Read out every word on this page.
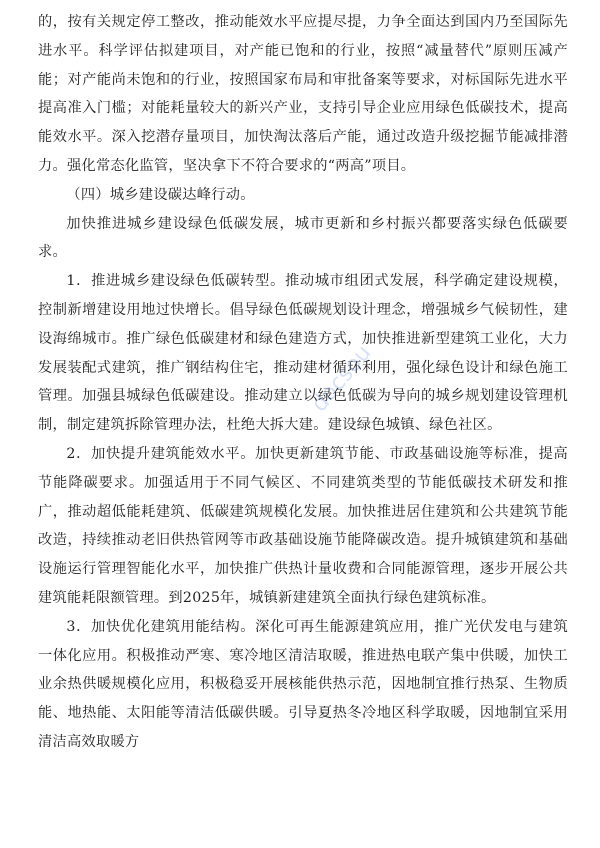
的，按有关规定停工整改，推动能效水平应提尽提，力争全面达到国内乃至国际先进水平。科学评估拟建项目，对产能已饱和的行业，按照“减量替代”原则压减产能；对产能尚未饱和的行业，按照国家布局和审批备案等要求，对标国际先进水平提高准入门槛；对能耗量较大的新兴产业，支持引导企业应用绿色低碳技术，提高能效水平。深入挖潜存量项目，加快淘汰落后产能，通过改造升级挖掘节能减排潜力。强化常态化监管，坚决拿下不符合要求的“两高”项目。

（四）城乡建设碳达峰行动。

加快推进城乡建设绿色低碳发展，城市更新和乡村振兴都要落实绿色低碳要求。

1．推进城乡建设绿色低碳转型。推动城市组团式发展，科学确定建设规模，控制新增建设用地过快增长。倡导绿色低碳规划设计理念，增强城乡气候韧性，建设海绵城市。推广绿色低碳建材和绿色建造方式，加快推进新型建筑工业化，大力发展装配式建筑，推广钢结构住宅，推动建材循环利用，强化绿色设计和绿色施工管理。加强县城绿色低碳建设。推动建立以绿色低碳为导向的城乡规划建设管理机制，制定建筑拆除管理办法，杜绝大拆大建。建设绿色城镇、绿色社区。

2．加快提升建筑能效水平。加快更新建筑节能、市政基础设施等标准，提高节能降碳要求。加强适用于不同气候区、不同建筑类型的节能低碳技术研发和推广，推动超低能耗建筑、低碳建筑规模化发展。加快推进居住建筑和公共建筑节能改造，持续推动老旧供热管网等市政基础设施节能降碳改造。提升城镇建筑和基础设施运行管理智能化水平，加快推广供热计量收费和合同能源管理，逐步开展公共建筑能耗限额管理。到2025年，城镇新建建筑全面执行绿色建筑标准。

3．加快优化建筑用能结构。深化可再生能源建筑应用，推广光伏发电与建筑一体化应用。积极推动严寒、寒冷地区清洁取暖，推进热电联产集中供暖，加快工业余热供暖规模化应用，积极稳妥开展核能供热示范，因地制宜推行热泵、生物质能、地热能、太阳能等清洁低碳供暖。引导夏热冬冷地区科学取暖，因地制宜采用清洁高效取暖方

docsou
